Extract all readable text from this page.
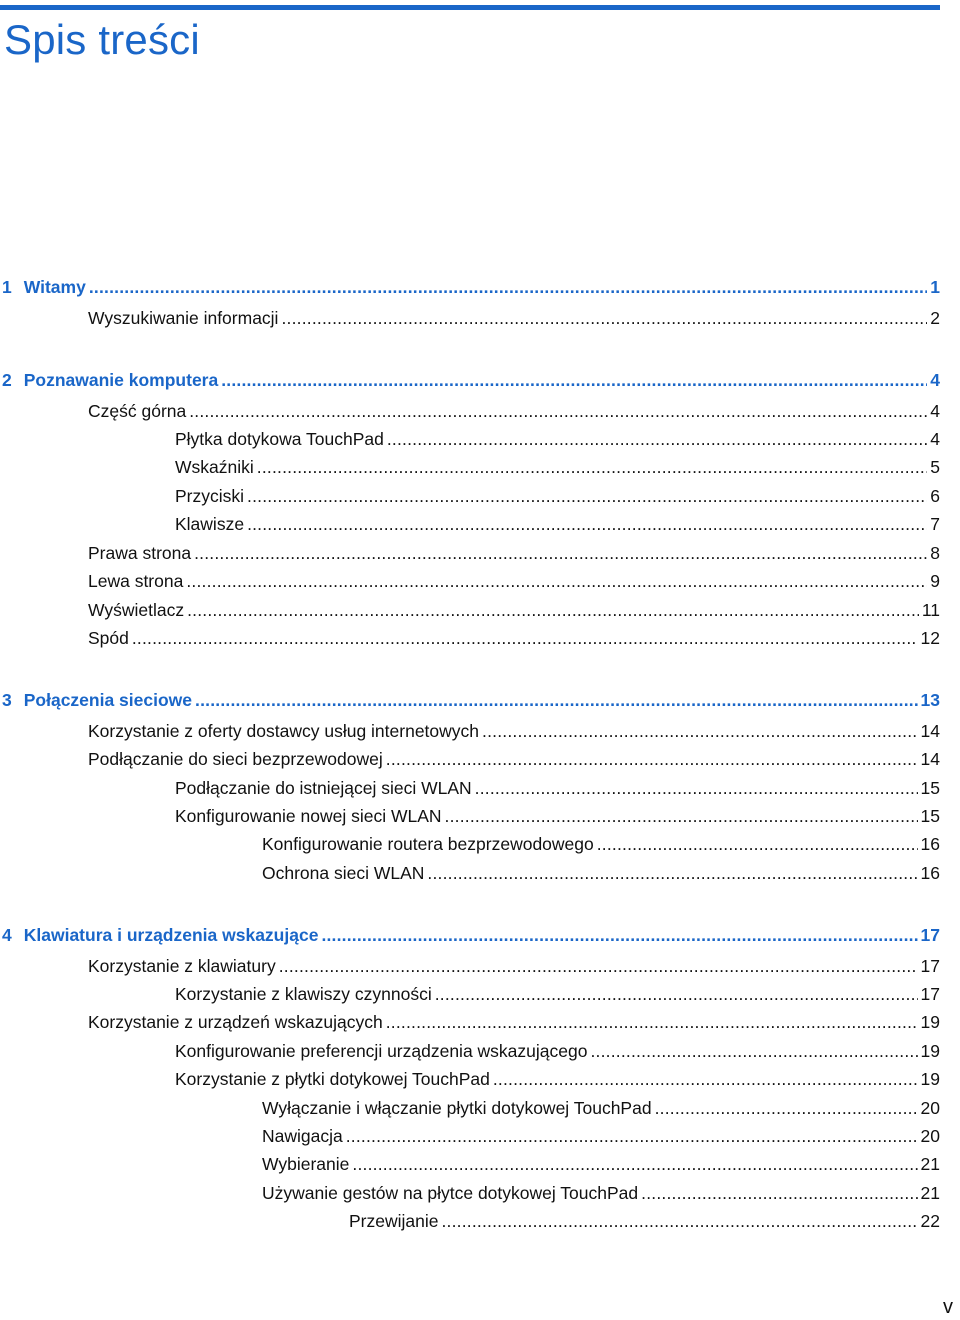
Spis treści
1 Witamy .....	1
Wyszukiwanie informacji .....	2
2 Poznawanie komputera .....	4
Część górna .....	4
Płytka dotykowa TouchPad .....	4
Wskaźniki .....	5
Przyciski .....	6
Klawisze .....	7
Prawa strona .....	8
Lewa strona .....	9
Wyświetlacz .....	11
Spód .....	12
3 Połączenia sieciowe .....	13
Korzystanie z oferty dostawcy usług internetowych .....	14
Podłączanie do sieci bezprzewodowej .....	14
Podłączanie do istniejącej sieci WLAN .....	15
Konfigurowanie nowej sieci WLAN .....	15
Konfigurowanie routera bezprzewodowego .....	16
Ochrona sieci WLAN .....	16
4 Klawiatura i urządzenia wskazujące .....	17
Korzystanie z klawiatury .....	17
Korzystanie z klawiszy czynności .....	17
Korzystanie z urządzeń wskazujących .....	19
Konfigurowanie preferencji urządzenia wskazującego .....	19
Korzystanie z płytki dotykowej TouchPad .....	19
Wyłączanie i włączanie płytki dotykowej TouchPad .....	20
Nawigacja .....	20
Wybieranie .....	21
Używanie gestów na płytce dotykowej TouchPad .....	21
Przewijanie .....	22
v
